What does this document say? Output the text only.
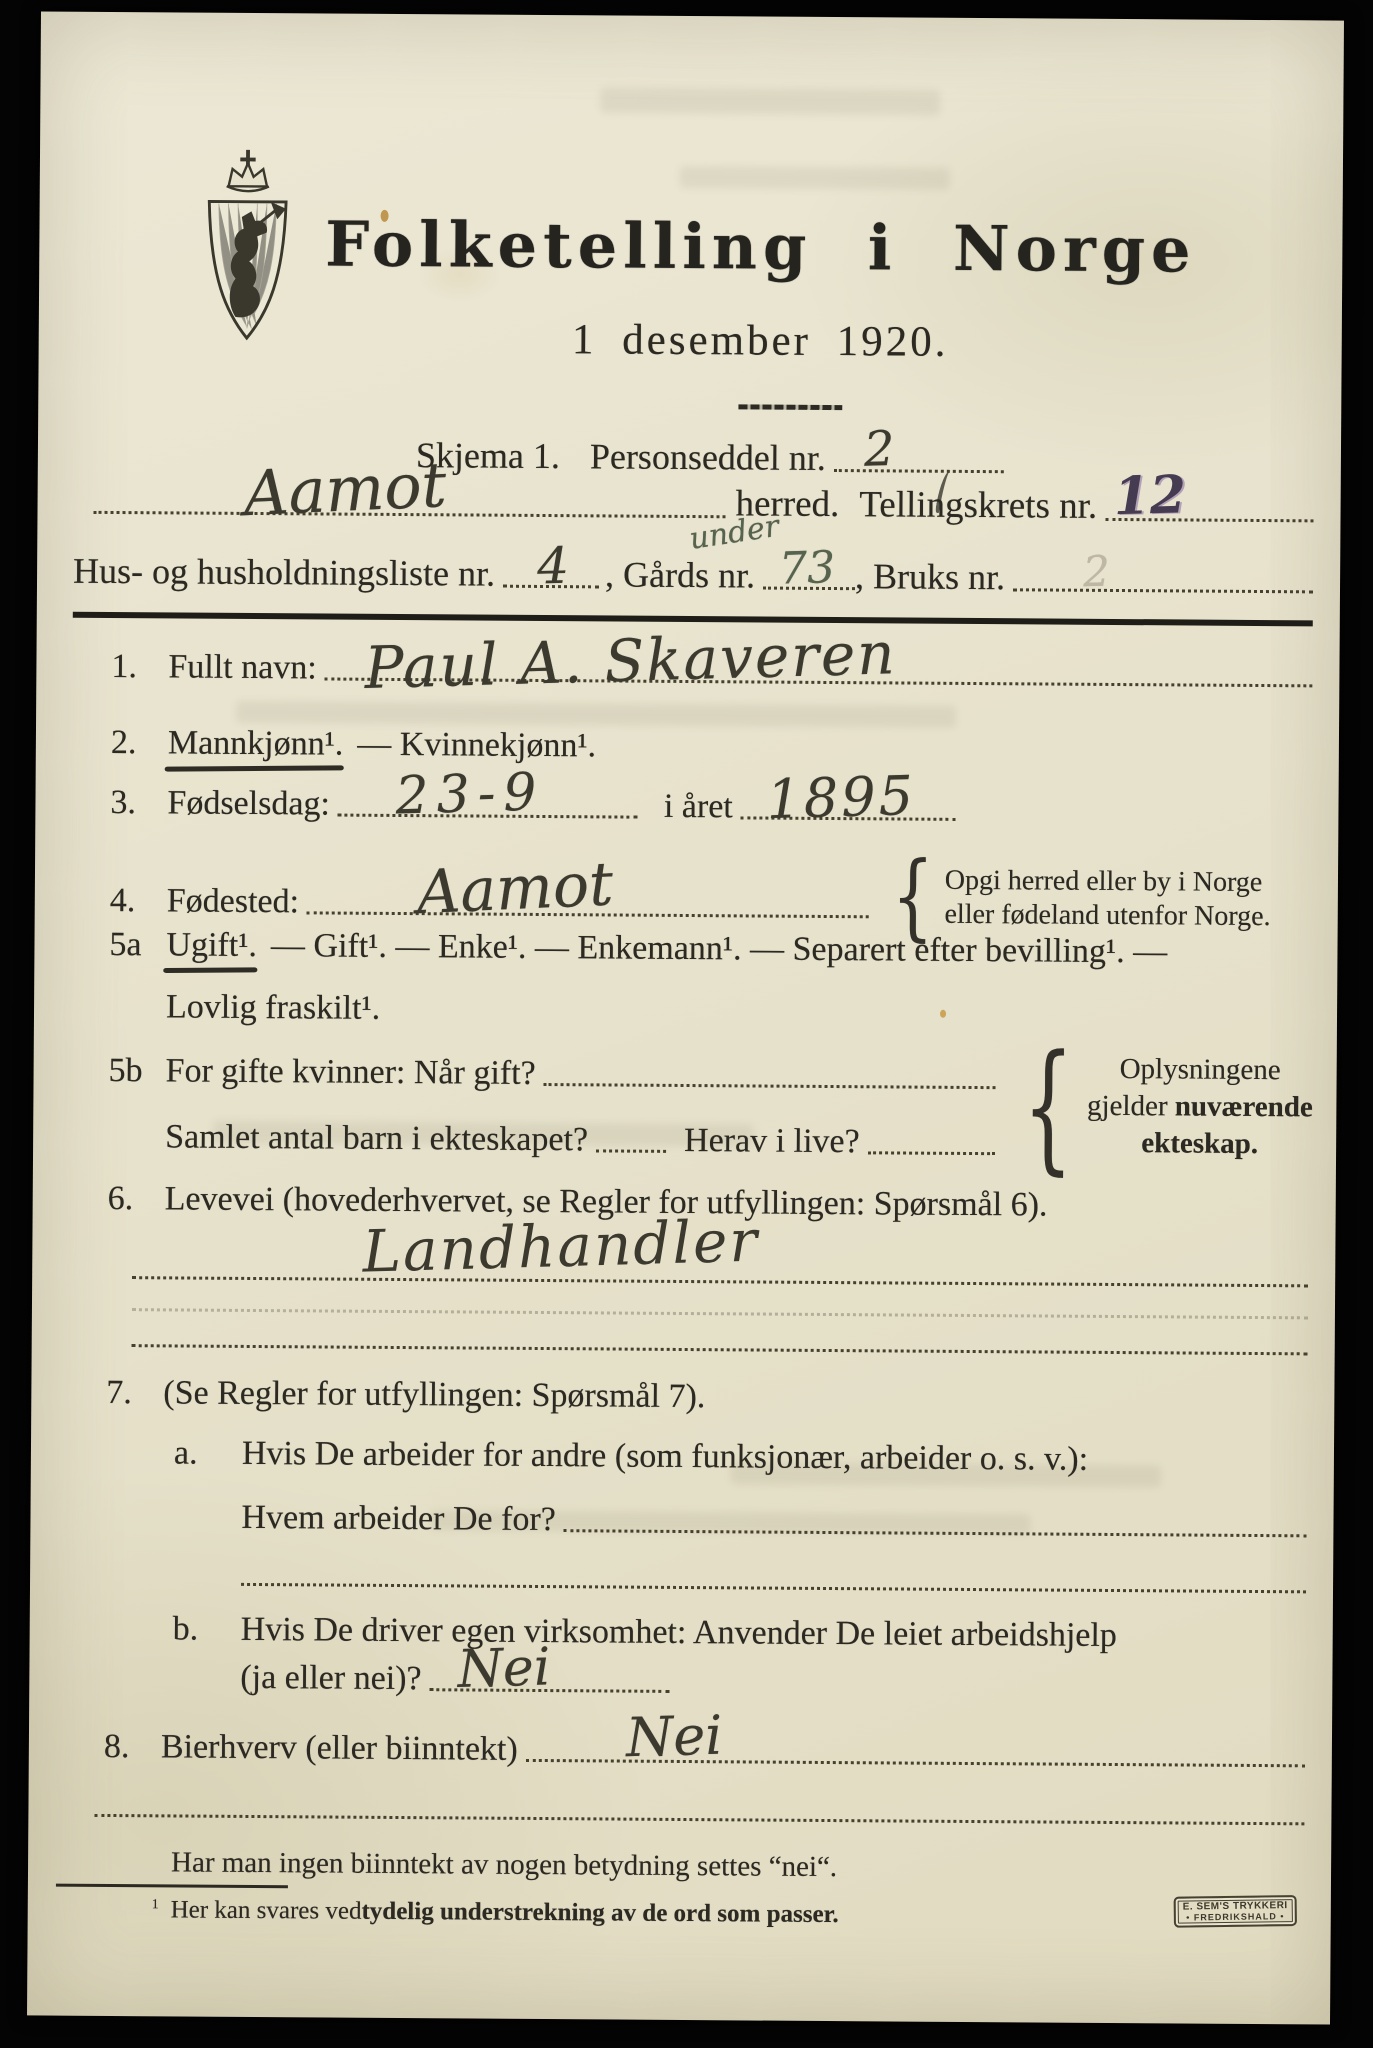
Folketelling i Norge
1 desember 1920.
Skjema 1. Personseddel nr. 2
Aamot	herred. Tellingskrets nr. 12
Hus- og husholdningsliste nr. 4
under
, Gårds nr. 73 , Bruks nr. 2
1. Fullt navn: Paul A. Skaveren
2. Mannkjønn¹. — Kvinnekjønn¹.
3. Fødselsdag: 23-9	i året 1895
4. Fødested: Aamot	{ Opgi herred eller by i Norge
eller fødeland utenfor Norge.
5a Ugift¹. — Gift¹. — Enke¹. — Enkemann¹. — Separert efter bevilling¹. —
Lovlig fraskilt¹.
5b For gifte kvinner: Når gift?
Samlet antal barn i ekteskapet?	Herav i live? {	Oplysningene
gjelder nuværende
ekteskap.
6. Levevei (hovederhvervet, se Regler for utfyllingen: Spørsmål 6).
Landhandler
7. (Se Regler for utfyllingen: Spørsmål 7).
a.	Hvis De arbeider for andre (som funksjonær, arbeider o. s. v.):
Hvem arbeider De for?
b.	Hvis De driver egen virksomhet: Anvender De leiet arbeidshjelp
(ja eller nei)? Nei
8. Bierhverv (eller biinntekt) Nei
Har man ingen biinntekt av nogen betydning settes “nei“.
1 Her kan svares ved tydelig understrekning av de ord som passer.	E. SEM'S TRYKKERI
• FREDRIKSHALD •
